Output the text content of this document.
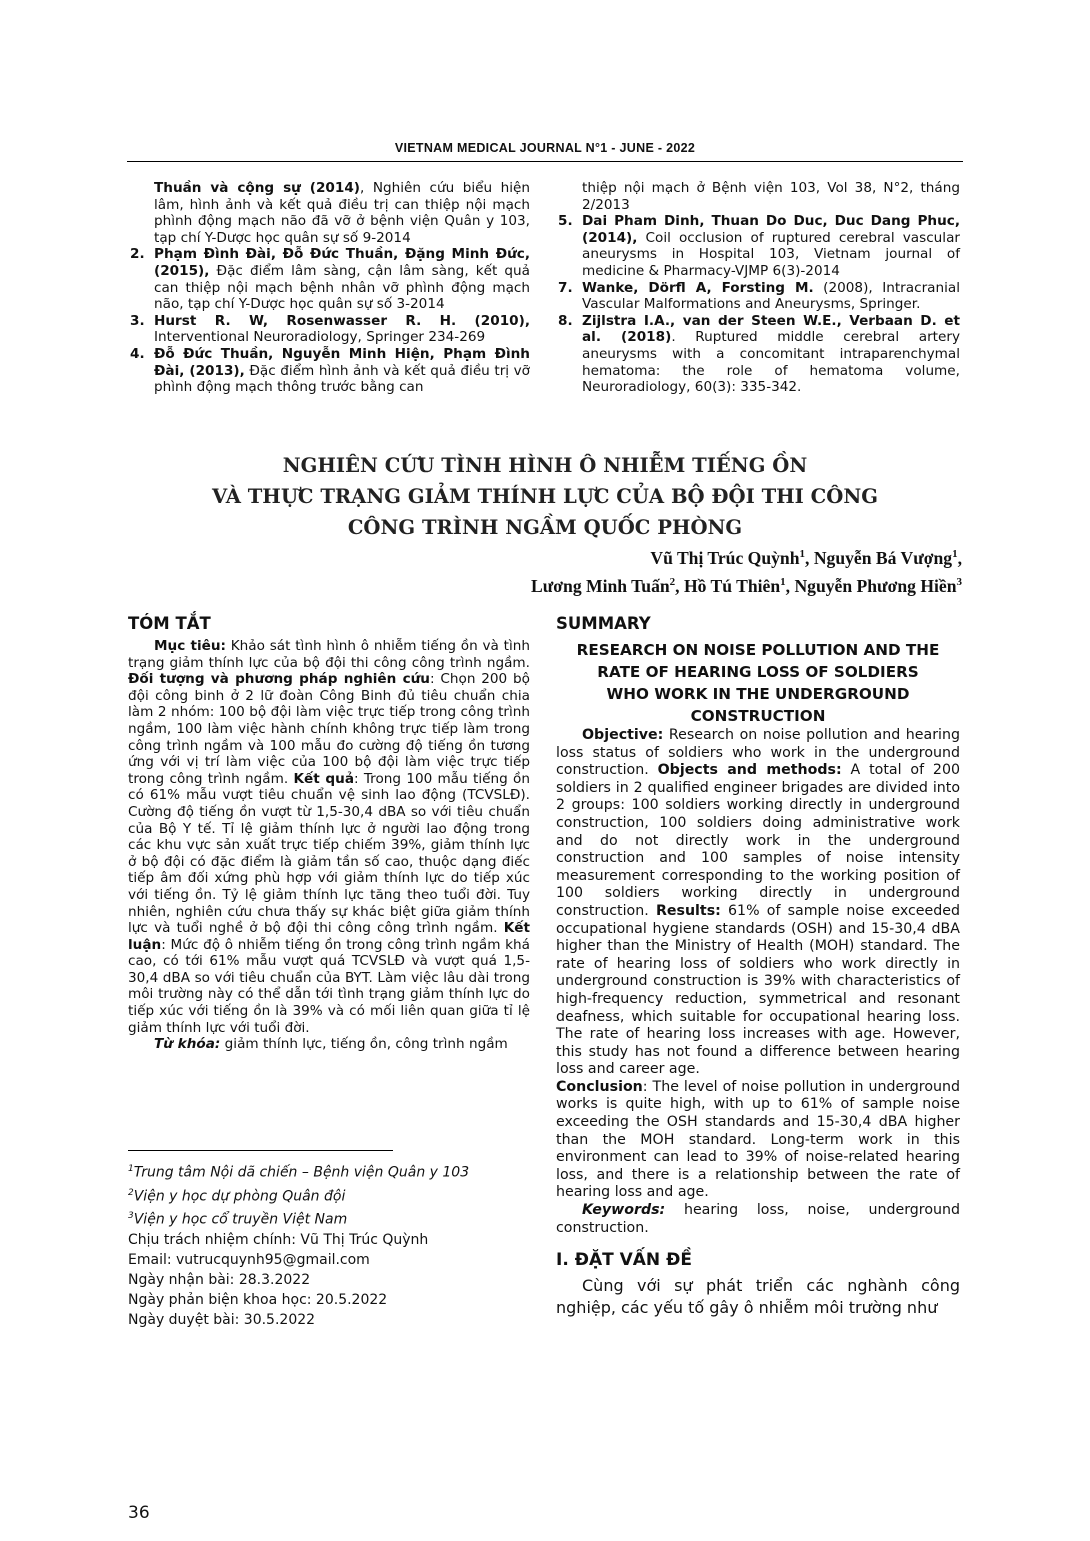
VIETNAM MEDICAL JOURNAL N°1 - JUNE - 2022

Thuần và cộng sự (2014), Nghiên cứu biểu hiện lâm, hình ảnh và kết quả điều trị can thiệp nội mạch phình động mạch não đã vỡ ở bệnh viện Quân y 103, tạp chí Y-Dược học quân sự số 9-2014

2. Phạm Đình Đài, Đỗ Đức Thuần, Đặng Minh Đức, (2015), Đặc điểm lâm sàng, cận lâm sàng, kết quả can thiệp nội mạch bệnh nhân vỡ phình động mạch não, tạp chí Y-Dược học quân sự số 3-2014

3. Hurst R. W, Rosenwasser R. H. (2010), Interventional Neuroradiology, Springer 234-269

4. Đỗ Đức Thuần, Nguyễn Minh Hiện, Phạm Đình Đài, (2013), Đặc điểm hình ảnh và kết quả điều trị vỡ phình động mạch thông trước bằng can

thiệp nội mạch ở Bệnh viện 103, Vol 38, N°2, tháng 2/2013

5. Dai Pham Dinh, Thuan Do Duc, Duc Dang Phuc, (2014), Coil occlusion of ruptured cerebral vascular aneurysms in Hospital 103, Vietnam journal of medicine & Pharmacy-VJMP 6(3)-2014

7. Wanke, Dörfl A, Forsting M. (2008), Intracranial Vascular Malformations and Aneurysms, Springer.

8. Zijlstra I.A., van der Steen W.E., Verbaan D. et al. (2018). Ruptured middle cerebral artery aneurysms with a concomitant intraparenchymal hematoma: the role of hematoma volume, Neuroradiology, 60(3): 335-342.

NGHIÊN CỨU TÌNH HÌNH Ô NHIỄM TIẾNG ỒN
VÀ THỰC TRẠNG GIẢM THÍNH LỰC CỦA BỘ ĐỘI THI CÔNG
CÔNG TRÌNH NGẦM QUỐC PHÒNG
Vũ Thị Trúc Quỳnh$^1$, Nguyễn Bá Vượng$^1$,
Lương Minh Tuấn$^2$, Hồ Tú Thiên$^1$, Nguyễn Phương Hiền$^3$
TÓM TẮT

Mục tiêu: Khảo sát tình hình ô nhiễm tiếng ồn và tình trạng giảm thính lực của bộ đội thi công công trình ngầm. Đối tượng và phương pháp nghiên cứu: Chọn 200 bộ đội công binh ở 2 lữ đoàn Công Binh đủ tiêu chuẩn chia làm 2 nhóm: 100 bộ đội làm việc trực tiếp trong công trình ngầm, 100 làm việc hành chính không trực tiếp làm trong công trình ngầm và 100 mẫu đo cường độ tiếng ồn tương ứng với vị trí làm việc của 100 bộ đội làm việc trực tiếp trong công trình ngầm. Kết quả: Trong 100 mẫu tiếng ồn có 61% mẫu vượt tiêu chuẩn vệ sinh lao động (TCVSLĐ). Cường độ tiếng ồn vượt từ 1,5-30,4 dBA so với tiêu chuẩn của Bộ Y tế. Tỉ lệ giảm thính lực ở người lao động trong các khu vực sản xuất trực tiếp chiếm 39%, giảm thính lực ở bộ đội có đặc điểm là giảm tần số cao, thuộc dạng điếc tiếp âm đối xứng phù hợp với giảm thính lực do tiếp xúc với tiếng ồn. Tỷ lệ giảm thính lực tăng theo tuổi đời. Tuy nhiên, nghiên cứu chưa thấy sự khác biệt giữa giảm thính lực và tuổi nghề ở bộ đội thi công công trình ngầm. Kết luận: Mức độ ô nhiễm tiếng ồn trong công trình ngầm khá cao, có tới 61% mẫu vượt quá TCVSLĐ và vượt quá 1,5-30,4 dBA so với tiêu chuẩn của BYT. Làm việc lâu dài trong môi trường này có thể dẫn tới tình trạng giảm thính lực do tiếp xúc với tiếng ồn là 39% và có mối liên quan giữa tỉ lệ giảm thính lực với tuổi đời.

Từ khóa: giảm thính lực, tiếng ồn, công trình ngầm

$^1$Trung tâm Nội dã chiến – Bệnh viện Quân y 103
$^2$Viện y học dự phòng Quân đội
$^3$Viện y học cổ truyền Việt Nam
Chịu trách nhiệm chính: Vũ Thị Trúc Quỳnh
Email: vutrucquynh95@gmail.com
Ngày nhận bài: 28.3.2022
Ngày phản biện khoa học: 20.5.2022
Ngày duyệt bài: 30.5.2022
36
SUMMARY
RESEARCH ON NOISE POLLUTION AND THE
RATE OF HEARING LOSS OF SOLDIERS
WHO WORK IN THE UNDERGROUND
CONSTRUCTION

Objective: Research on noise pollution and hearing loss status of soldiers who work in the underground construction. Objects and methods: A total of 200 soldiers in 2 qualified engineer brigades are divided into 2 groups: 100 soldiers working directly in underground construction, 100 soldiers doing administrative work and do not directly work in the underground construction and 100 samples of noise intensity measurement corresponding to the working position of 100 soldiers working directly in underground construction. Results: 61% of sample noise exceeded occupational hygiene standards (OSH) and 15-30,4 dBA higher than the Ministry of Health (MOH) standard. The rate of hearing loss of soldiers who work directly in underground construction is 39% with characteristics of high-frequency reduction, symmetrical and resonant deafness, which suitable for occupational hearing loss. The rate of hearing loss increases with age. However, this study has not found a difference between hearing loss and career age.
Conclusion: The level of noise pollution in underground works is quite high, with up to 61% of sample noise exceeding the OSH standards and 15-30,4 dBA higher than the MOH standard. Long-term work in this environment can lead to 39% of noise-related hearing loss, and there is a relationship between the rate of hearing loss and age.

Keywords: hearing loss, noise, underground construction.

I. ĐẶT VẤN ĐỀ

Cùng với sự phát triển các nghành công nghiệp, các yếu tố gây ô nhiễm môi trường như
